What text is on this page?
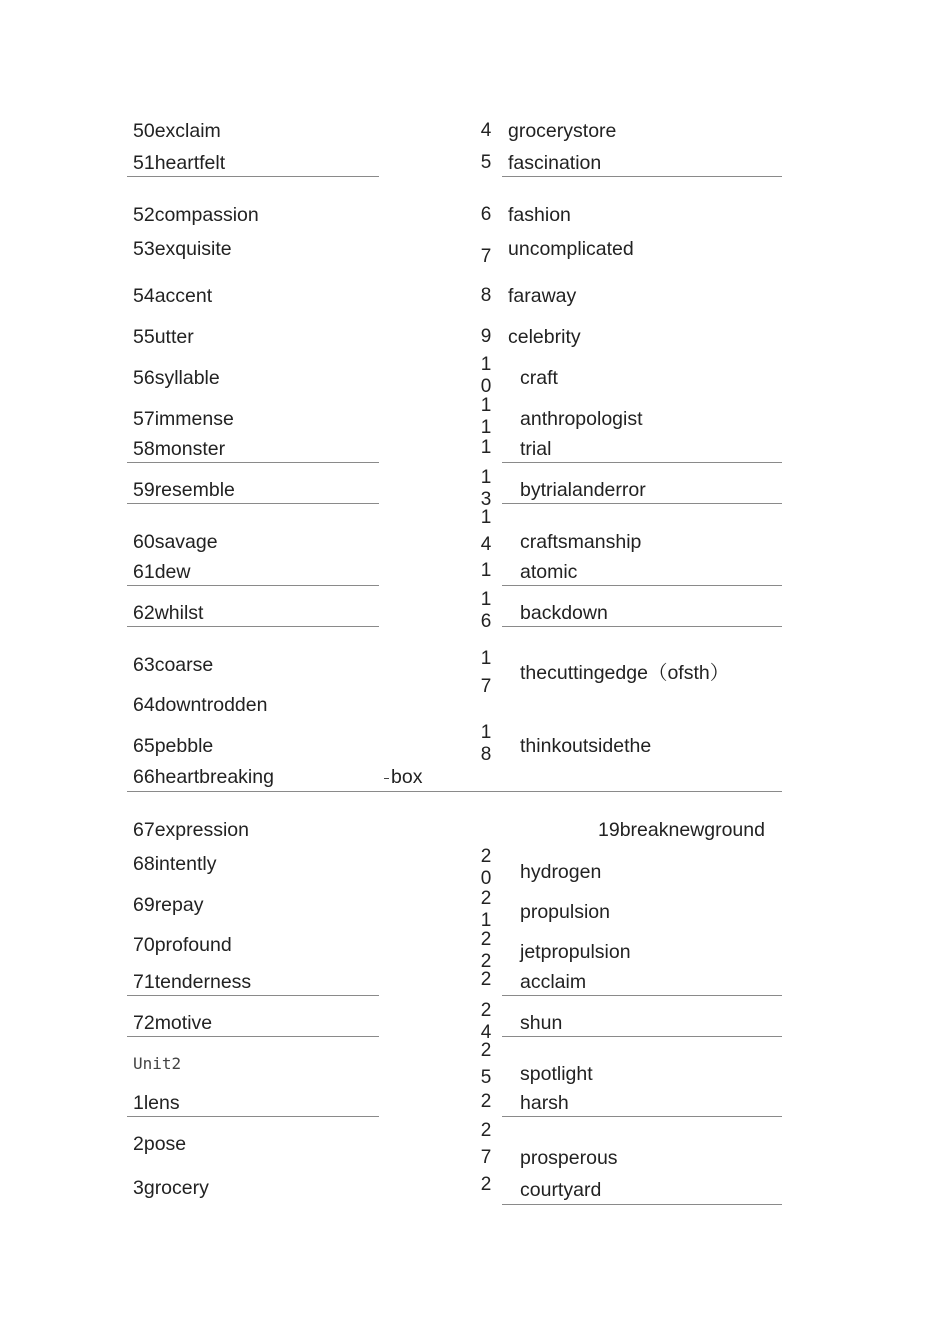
50exclaim
51heartfelt
52compassion
53exquisite
54accent
55utter
56syllable
57immense
58monster
59resemble
60savage
61dew
62whilst
63coarse
64downtrodden
65pebble
66heartbreaking
67expression
68intently
69repay
70profound
71tenderness
72motive
Unit2
1lens
2pose
3grocery
4
5
6
7
8
9
10
11
1
13
1
4
1
16
1
7
18
20
21
22
2
24
2
5
2
2
7
2
grocerystore
fascination
fashion
uncomplicated
faraway
celebrity
craft
anthropologist
trial
bytrialanderror
craftsmanship
atomic
backdown
thecuttingedge（ofsth）
thinkoutsidethe
box
19breaknewground
hydrogen
propulsion
jetpropulsion
acclaim
shun
spotlight
harsh
prosperous
courtyard
